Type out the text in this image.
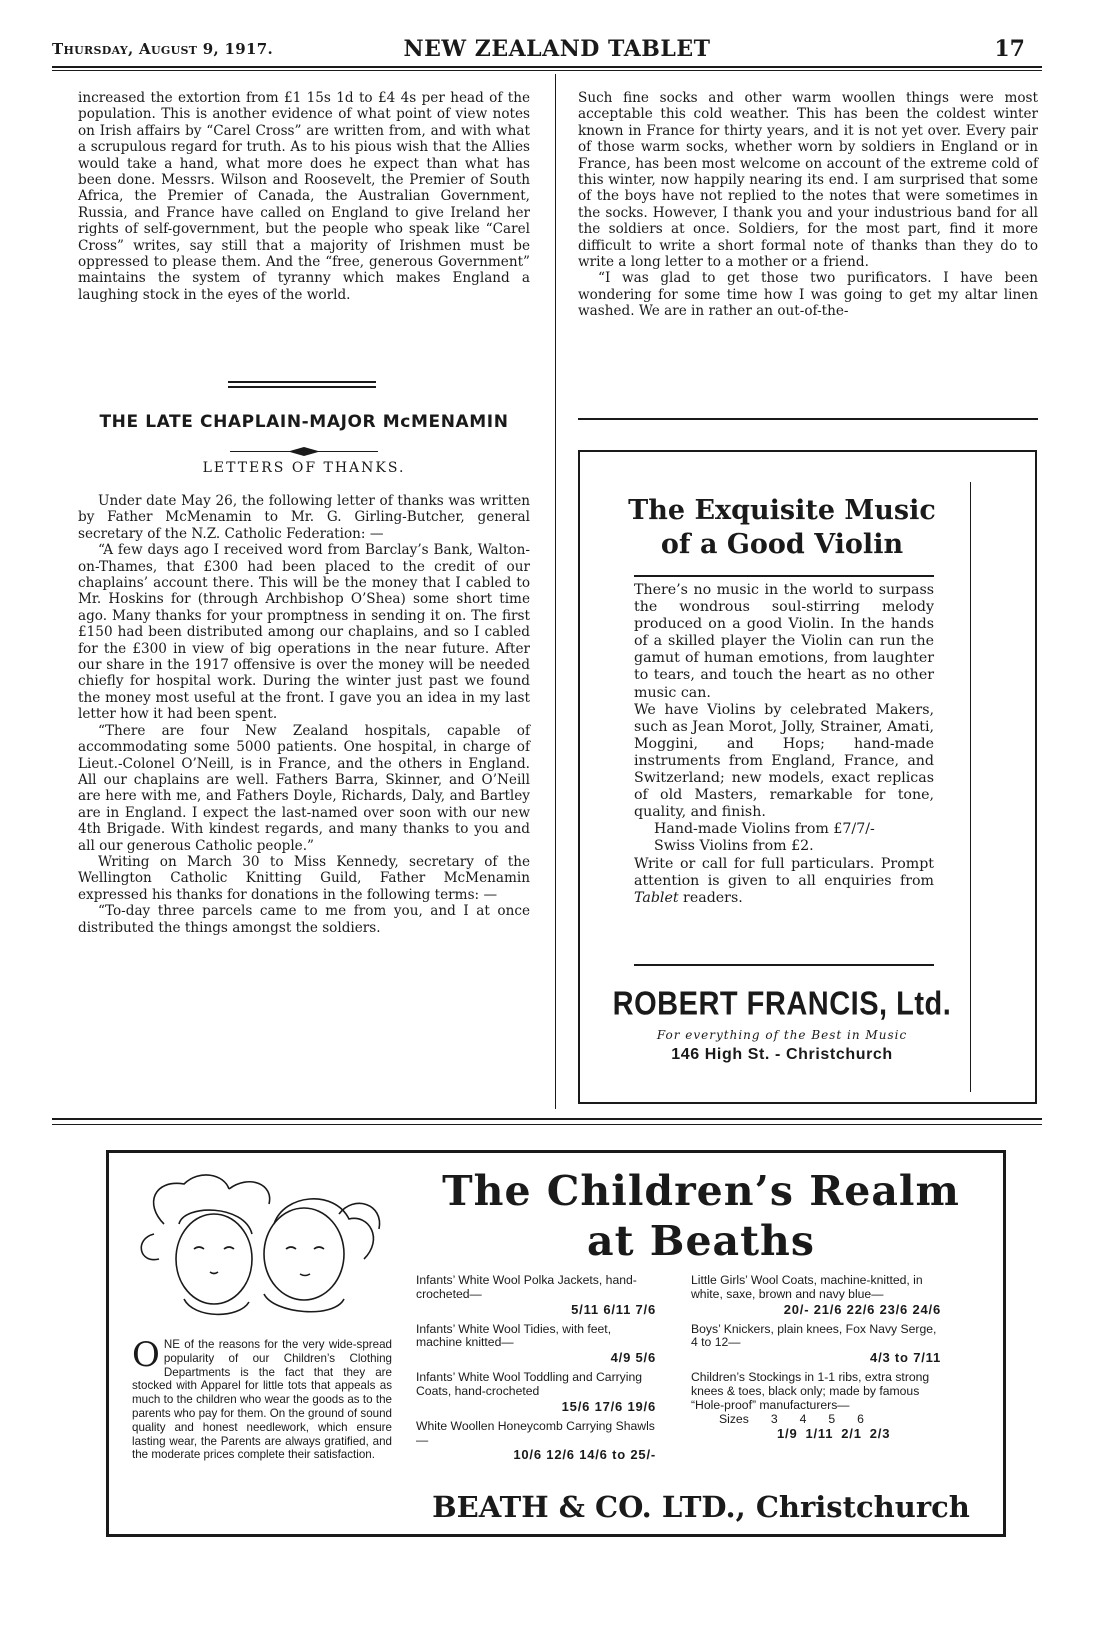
Thursday, August 9, 1917.	NEW ZEALAND TABLET	17

increased the extortion from £1 15s 1d to £4 4s per head of the population. This is another evidence of what point of view notes on Irish affairs by “Carel Cross” are written from, and with what a scrupulous regard for truth. As to his pious wish that the Allies would take a hand, what more does he expect than what has been done. Messrs. Wilson and Roosevelt, the Premier of South Africa, the Premier of Canada, the Australian Government, Russia, and France have called on England to give Ireland her rights of self-government, but the people who speak like “Carel Cross” writes, say still that a majority of Irishmen must be oppressed to please them. And the “free, generous Government” maintains the system of tyranny which makes England a laughing stock in the eyes of the world.

THE LATE CHAPLAIN-MAJOR McMENAMIN
LETTERS OF THANKS.

Under date May 26, the following letter of thanks was written by Father McMenamin to Mr. G. Girling-Butcher, general secretary of the N.Z. Catholic Federation: —

“A few days ago I received word from Barclay’s Bank, Walton-on-Thames, that £300 had been placed to the credit of our chaplains’ account there. This will be the money that I cabled to Mr. Hoskins for (through Archbishop O’Shea) some short time ago. Many thanks for your promptness in sending it on. The first £150 had been distributed among our chaplains, and so I cabled for the £300 in view of big operations in the near future. After our share in the 1917 offensive is over the money will be needed chiefly for hospital work. During the winter just past we found the money most useful at the front. I gave you an idea in my last letter how it had been spent.

“There are four New Zealand hospitals, capable of accommodating some 5000 patients. One hospital, in charge of Lieut.-Colonel O’Neill, is in France, and the others in England. All our chaplains are well. Fathers Barra, Skinner, and O’Neill are here with me, and Fathers Doyle, Richards, Daly, and Bartley are in England. I expect the last-named over soon with our new 4th Brigade. With kindest regards, and many thanks to you and all our generous Catholic people.”

Writing on March 30 to Miss Kennedy, secretary of the Wellington Catholic Knitting Guild, Father McMenamin expressed his thanks for donations in the following terms: —

“To-day three parcels came to me from you, and I at once distributed the things amongst the soldiers.

Such fine socks and other warm woollen things were most acceptable this cold weather. This has been the coldest winter known in France for thirty years, and it is not yet over. Every pair of those warm socks, whether worn by soldiers in England or in France, has been most welcome on account of the extreme cold of this winter, now happily nearing its end. I am surprised that some of the boys have not replied to the notes that were sometimes in the socks. However, I thank you and your industrious band for all the soldiers at once. Soldiers, for the most part, find it more difficult to write a short formal note of thanks than they do to write a long letter to a mother or a friend.

“I was glad to get those two purificators. I have been wondering for some time how I was going to get my altar linen washed. We are in rather an out-of-the-

The Exquisite Music
of a Good Violin

There’s no music in the world to surpass the wondrous soul-stirring melody produced on a good Violin. In the hands of a skilled player the Violin can run the gamut of human emotions, from laughter to tears, and touch the heart as no other music can.

We have Violins by celebrated Makers, such as Jean Morot, Jolly, Strainer, Amati, Moggini, and Hops; hand-made instruments from England, France, and Switzerland; new models, exact replicas of old Masters, remarkable for tone, quality, and finish.

Hand-made Violins from £7/7/-

Swiss Violins from £2.

Write or call for full particulars. Prompt attention is given to all enquiries from Tablet readers.

ROBERT FRANCIS, Ltd.
For everything of the Best in Music
146 High St. - Christchurch
ONE of the reasons for the very wide-spread popularity of our Children’s Clothing Departments is the fact that they are stocked with Apparel for little tots that appeals as much to the children who wear the goods as to the parents who pay for them. On the ground of sound quality and honest needlework, which ensure lasting wear, the Parents are always gratified, and the moderate prices complete their satisfaction.
The Children’s Realm
at Beaths
Infants’ White Wool Polka Jackets, hand-crocheted—
5/11 6/11 7/6
Infants’ White Wool Tidies, with feet, machine knitted—
4/9 5/6
Infants’ White Wool Toddling and Carrying Coats, hand-crocheted
15/6 17/6 19/6
White Woollen Honeycomb Carrying Shawls—
10/6 12/6 14/6 to 25/-
Little Girls’ Wool Coats, machine-knitted, in white, saxe, brown and navy blue—
20/- 21/6 22/6 23/6 24/6
Boys’ Knickers, plain knees, Fox Navy Serge, 4 to 12—
4/3 to 7/11
Children’s Stockings in 1-1 ribs, extra strong knees & toes, black only; made by famous “Hole-proof” manufacturers—
Sizes 3 4 5 6
1/9 1/11 2/1 2/3
BEATH & CO. LTD., Christchurch
